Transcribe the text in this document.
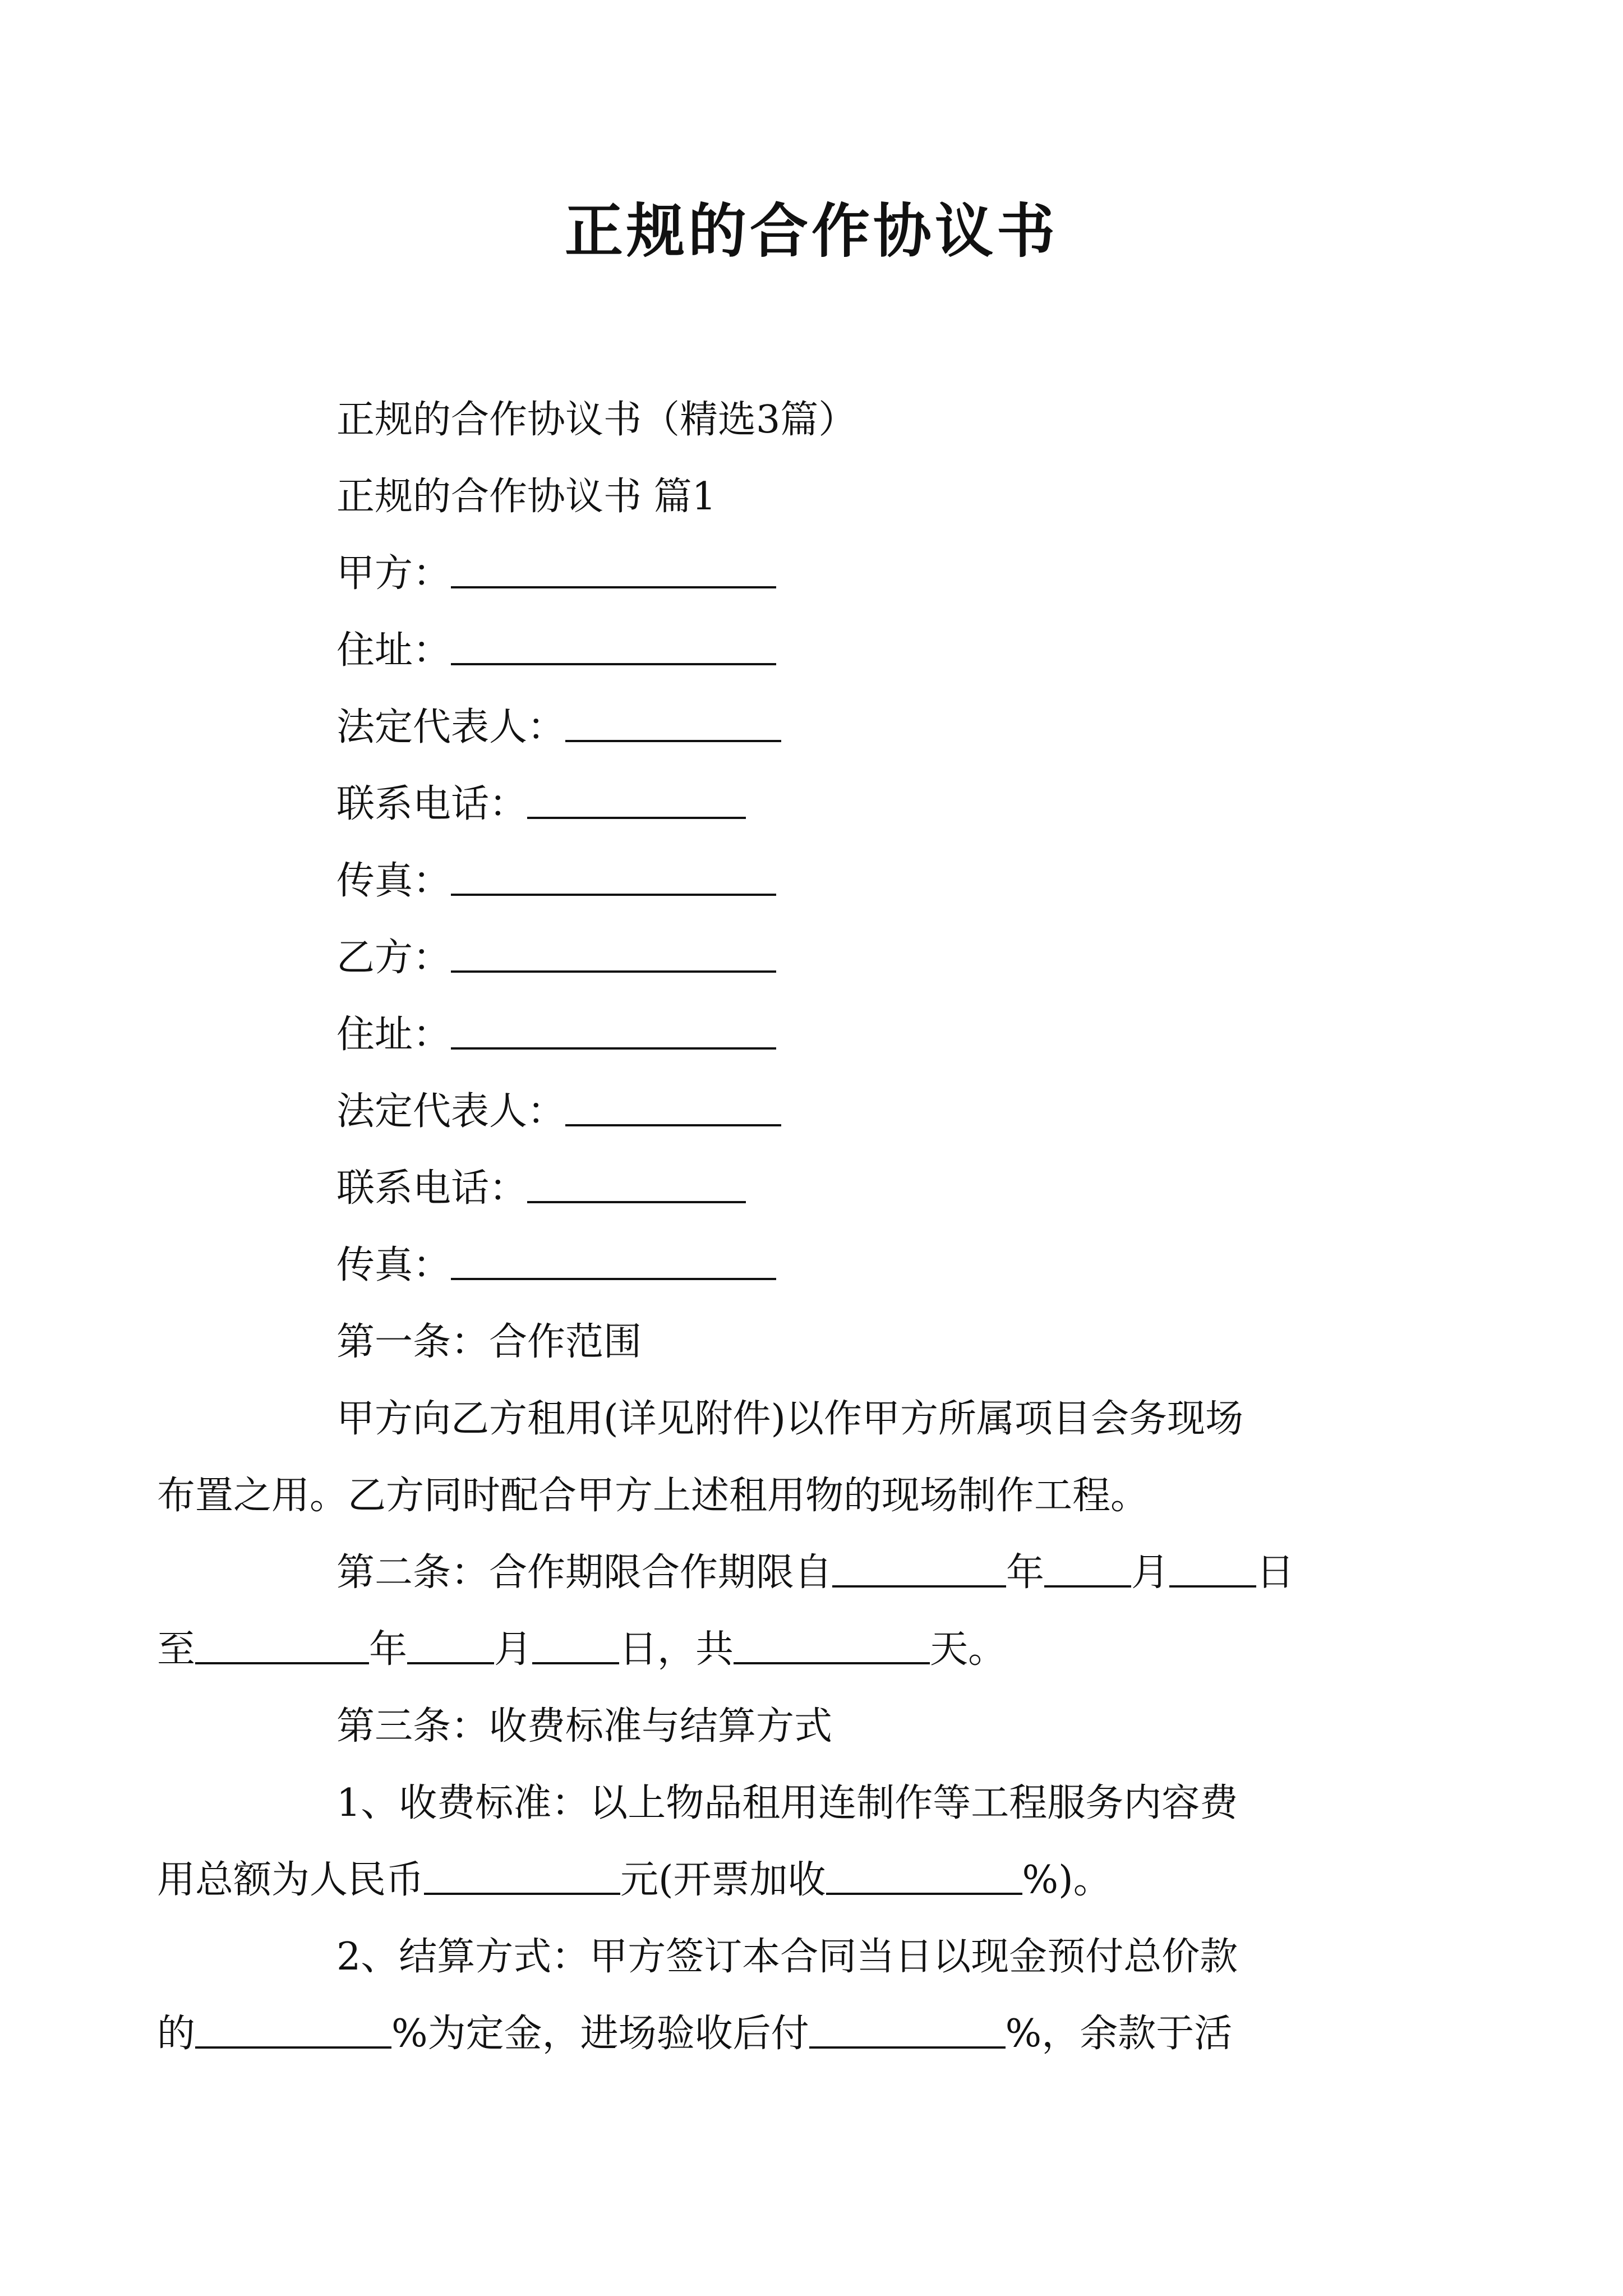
正规的合作协议书
正规的合作协议书（精选3篇）
正规的合作协议书 篇1
甲方：
住址：
法定代表人：
联系电话：
传真：
乙方：
住址：
法定代表人：
联系电话：
传真：
第一条：合作范围
甲方向乙方租用(详见附件)以作甲方所属项目会务现场
布置之用。乙方同时配合甲方上述租用物的现场制作工程。
第二条：合作期限合作期限自	年 月 日
至	年 月 日，共	天。
第三条：收费标准与结算方式
1、收费标准：以上物品租用连制作等工程服务内容费
用总额为人民币	元(开票加收	%)。
2、结算方式：甲方签订本合同当日以现金预付总价款
的	%为定金，进场验收后付	%，余款于活
